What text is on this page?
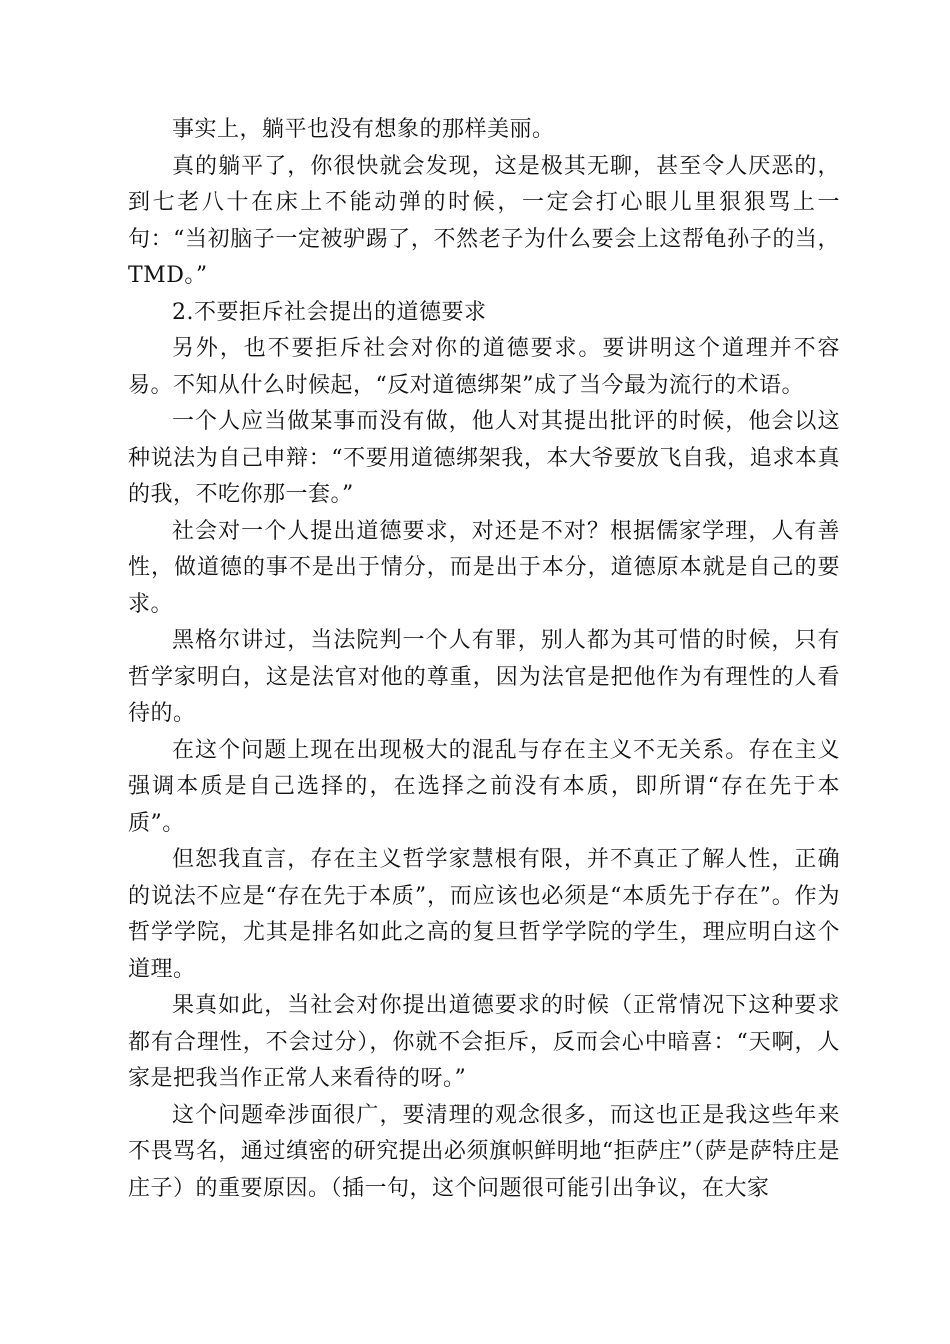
事实上，躺平也没有想象的那样美丽。

真的躺平了，你很快就会发现，这是极其无聊，甚至令人厌恶的，到七老八十在床上不能动弹的时候，一定会打心眼儿里狠狠骂上一句：“当初脑子一定被驴踢了，不然老子为什么要会上这帮龟孙子的当，TMD。”

2.不要拒斥社会提出的道德要求

另外，也不要拒斥社会对你的道德要求。要讲明这个道理并不容易。不知从什么时候起，“反对道德绑架”成了当今最为流行的术语。

一个人应当做某事而没有做，他人对其提出批评的时候，他会以这种说法为自己申辩：“不要用道德绑架我，本大爷要放飞自我，追求本真的我，不吃你那一套。”

社会对一个人提出道德要求，对还是不对？根据儒家学理，人有善性，做道德的事不是出于情分，而是出于本分，道德原本就是自己的要求。

黑格尔讲过，当法院判一个人有罪，别人都为其可惜的时候，只有哲学家明白，这是法官对他的尊重，因为法官是把他作为有理性的人看待的。

在这个问题上现在出现极大的混乱与存在主义不无关系。存在主义强调本质是自己选择的，在选择之前没有本质，即所谓“存在先于本质”。

但恕我直言，存在主义哲学家慧根有限，并不真正了解人性，正确的说法不应是“存在先于本质”，而应该也必须是“本质先于存在”。作为哲学学院，尤其是排名如此之高的复旦哲学学院的学生，理应明白这个道理。

果真如此，当社会对你提出道德要求的时候（正常情况下这种要求都有合理性，不会过分），你就不会拒斥，反而会心中暗喜：“天啊，人家是把我当作正常人来看待的呀。”

这个问题牵涉面很广，要清理的观念很多，而这也正是我这些年来不畏骂名，通过缜密的研究提出必须旗帜鲜明地“拒萨庄”（萨是萨特庄是庄子）的重要原因。（插一句，这个问题很可能引出争议，在大家
